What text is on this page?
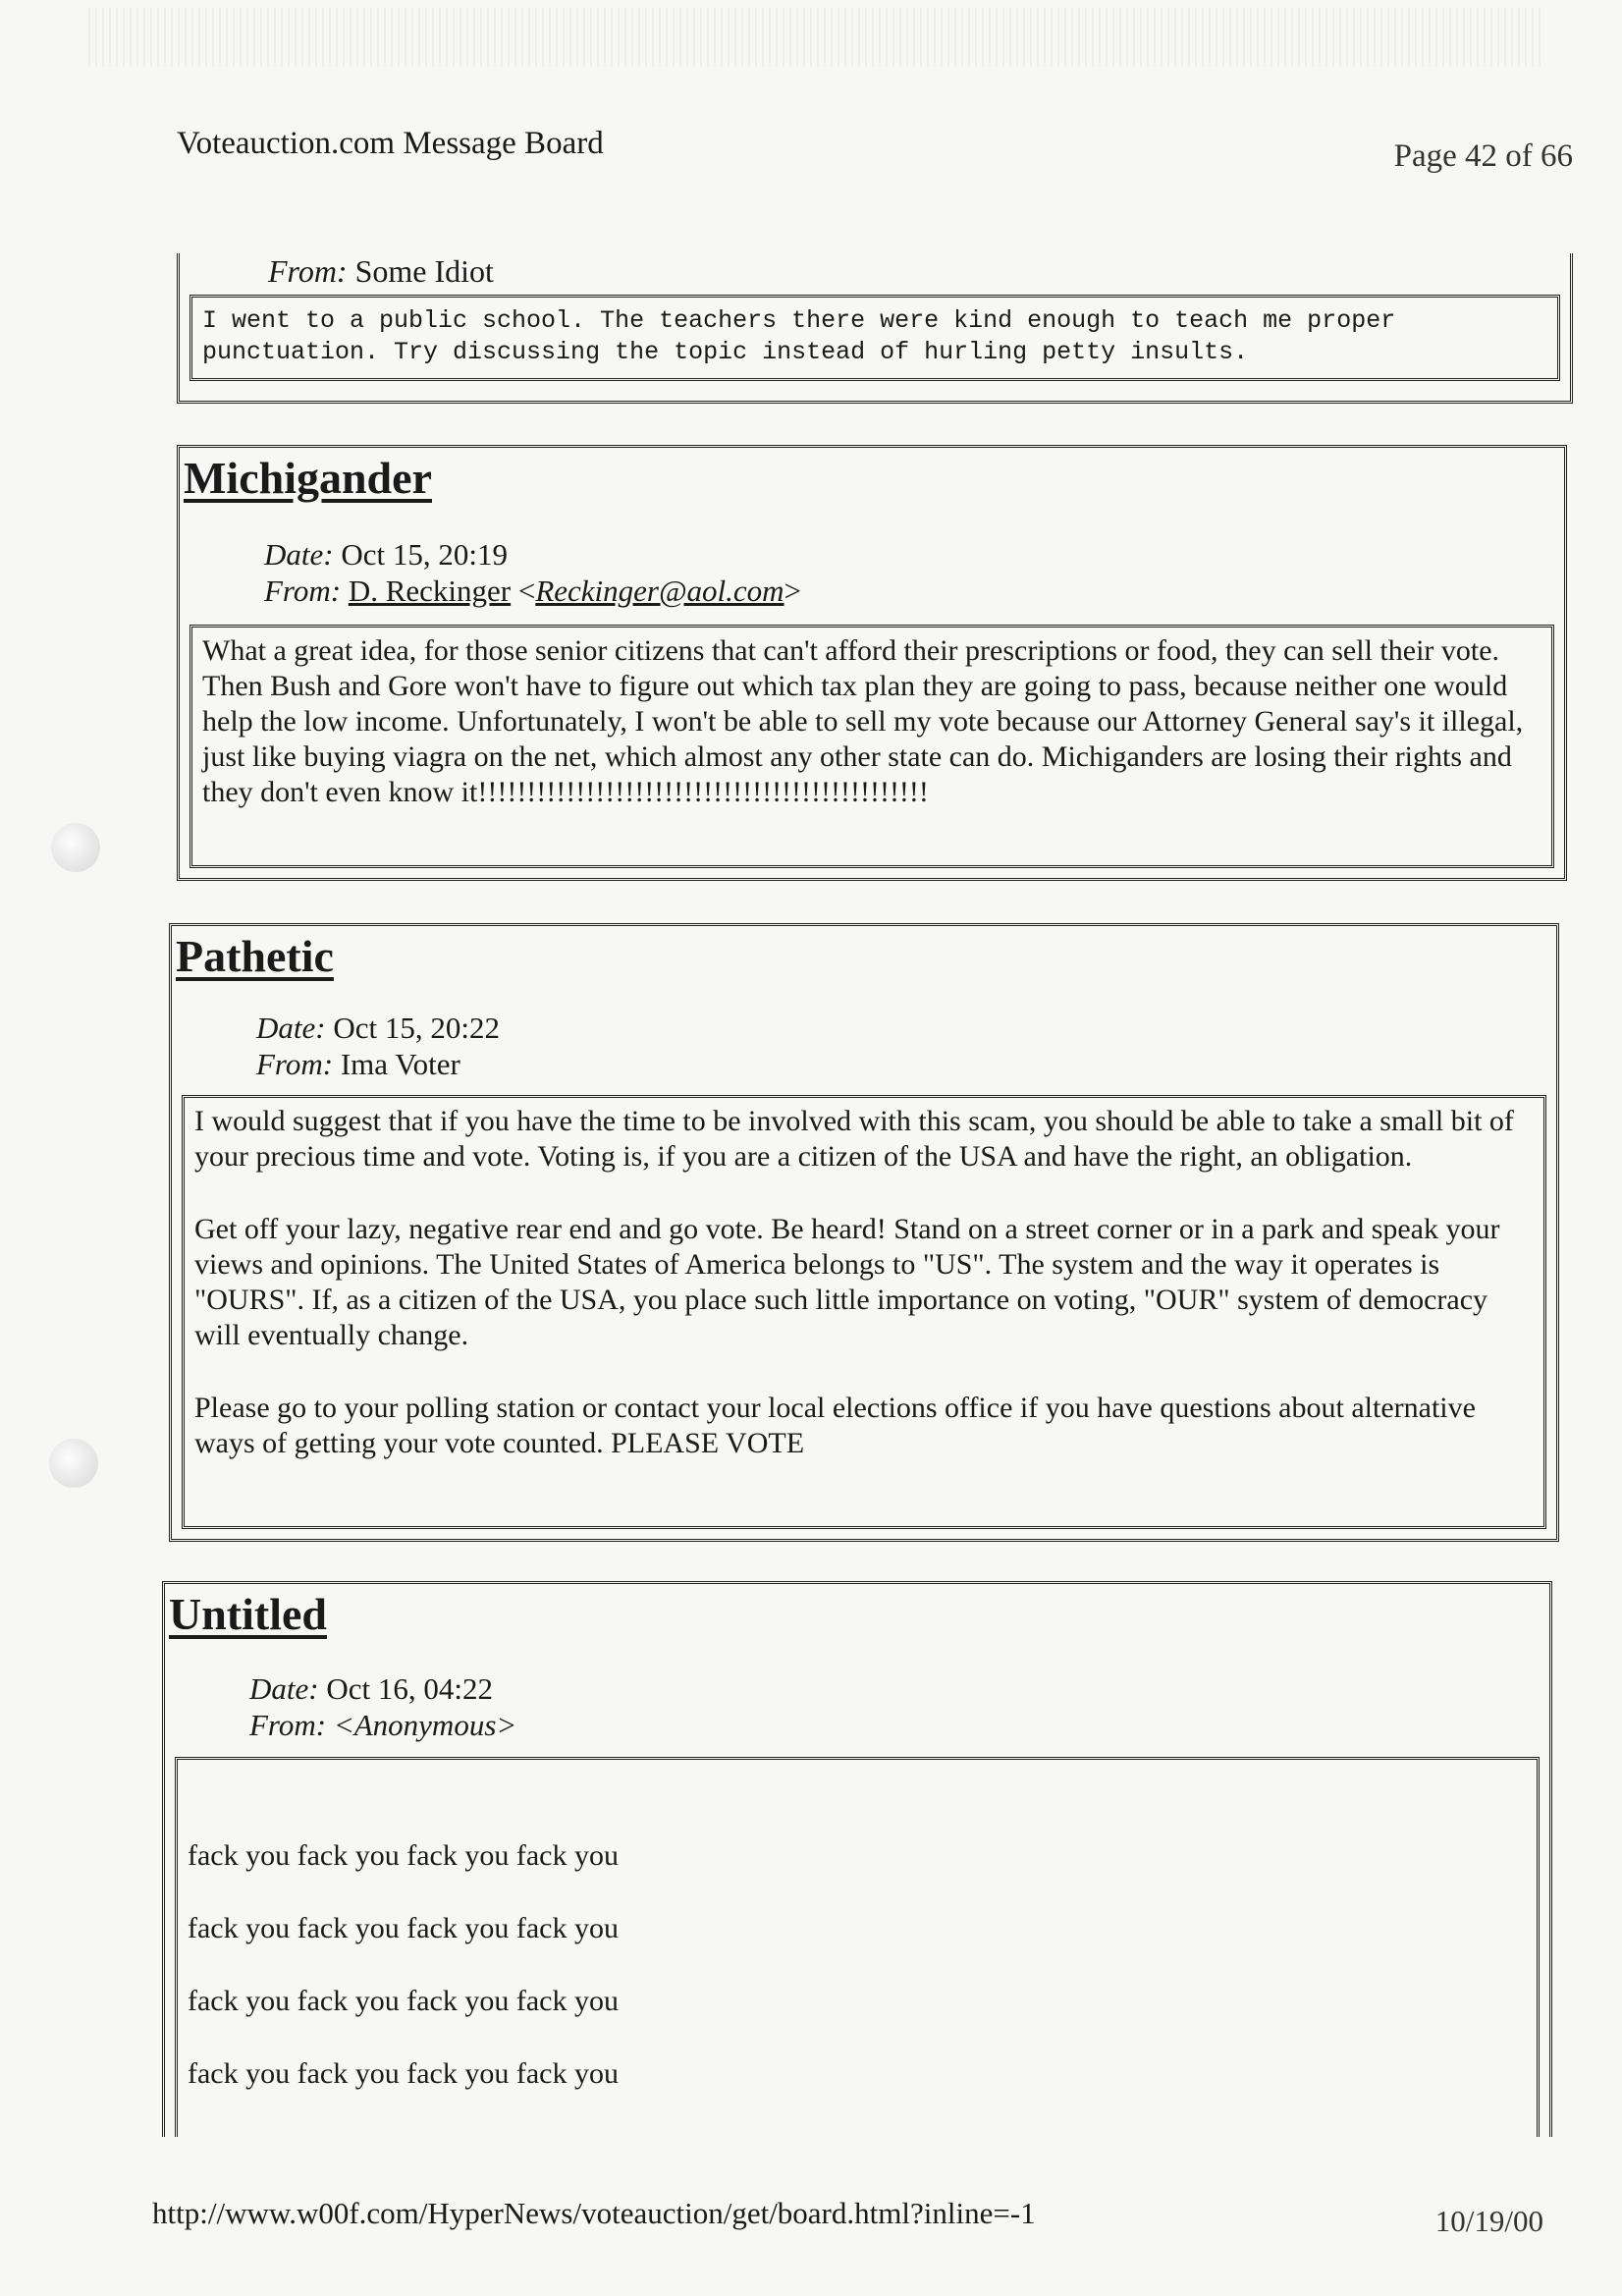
Voteauction.com Message Board	Page 42 of 66
From: Some Idiot
I went to a public school. The teachers there were kind enough to teach me proper punctuation. Try discussing the topic instead of hurling petty insults.
Michigander
Date: Oct 15, 20:19
From: D. Reckinger <Reckinger@aol.com>

What a great idea, for those senior citizens that can't afford their prescriptions or food, they can sell their vote. Then Bush and Gore won't have to figure out which tax plan they are going to pass, because neither one would help the low income. Unfortunately, I won't be able to sell my vote because our Attorney General say's it illegal, just like buying viagra on the net, which almost any other state can do. Michiganders are losing their rights and they don't even know it!!!!!!!!!!!!!!!!!!!!!!!!!!!!!!!!!!!!!!!!!!!!!!

Pathetic
Date: Oct 15, 20:22
From: Ima Voter

I would suggest that if you have the time to be involved with this scam, you should be able to take a small bit of your precious time and vote. Voting is, if you are a citizen of the USA and have the right, an obligation.

Get off your lazy, negative rear end and go vote. Be heard! Stand on a street corner or in a park and speak your views and opinions. The United States of America belongs to "US". The system and the way it operates is "OURS". If, as a citizen of the USA, you place such little importance on voting, "OUR" system of democracy will eventually change.

Please go to your polling station or contact your local elections office if you have questions about alternative ways of getting your vote counted. PLEASE VOTE

Untitled
Date: Oct 16, 04:22
From: <Anonymous>

fack you fack you fack you fack you

fack you fack you fack you fack you

fack you fack you fack you fack you

fack you fack you fack you fack you

http://www.w00f.com/HyperNews/voteauction/get/board.html?inline=-1	10/19/00
